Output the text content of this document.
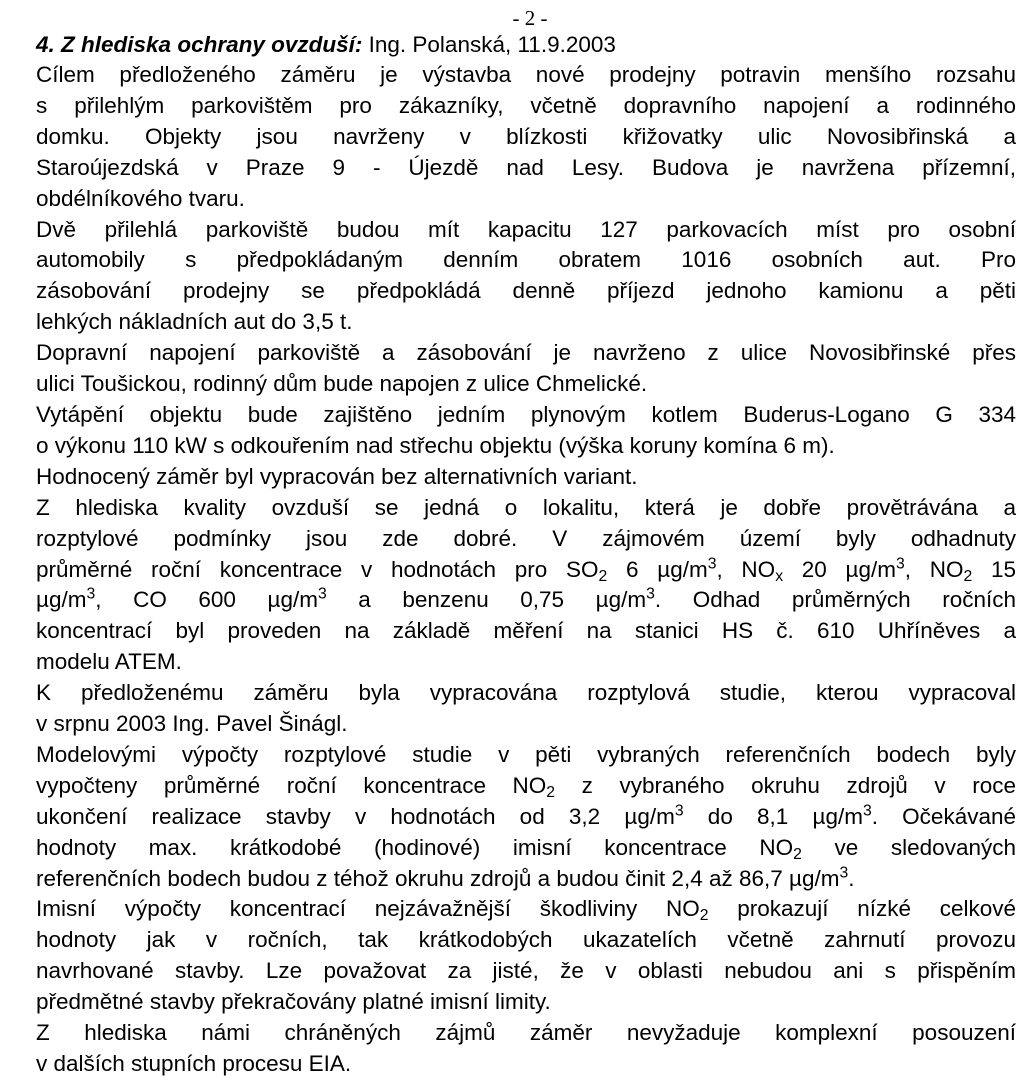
- 2 -

4. Z hlediska ochrany ovzduší: Ing. Polanská, 11.9.2003

Cílem předloženého záměru je výstavba nové prodejny potravin menšího rozsahu
s přilehlým parkovištěm pro zákazníky, včetně dopravního napojení a rodinného
domku. Objekty jsou navrženy v blízkosti křižovatky ulic Novosibřinská a
Staroújezdská v Praze 9 - Újezdě nad Lesy. Budova je navržena přízemní,
obdélníkového tvaru.

Dvě přilehlá parkoviště budou mít kapacitu 127 parkovacích míst pro osobní
automobily s předpokládaným denním obratem 1016 osobních aut. Pro
zásobování prodejny se předpokládá denně příjezd jednoho kamionu a pěti
lehkých nákladních aut do 3,5 t.

Dopravní napojení parkoviště a zásobování je navrženo z ulice Novosibřinské přes
ulici Toušickou, rodinný dům bude napojen z ulice Chmelické.

Vytápění objektu bude zajištěno jedním plynovým kotlem Buderus-Logano G 334
o výkonu 110 kW s odkouřením nad střechu objektu (výška koruny komína 6 m).

Hodnocený záměr byl vypracován bez alternativních variant.

Z hlediska kvality ovzduší se jedná o lokalitu, která je dobře provětrávána a
rozptylové podmínky jsou zde dobré. V zájmovém území byly odhadnuty
průměrné roční koncentrace v hodnotách pro $SO_2$ 6 $\mu g/m^3$, $NO_x$ 20 $\mu g/m^3$, $NO_2$ 15
$\mu g/m^3$, CO 600 $\mu g/m^3$ a benzenu 0,75 $\mu g/m^3$. Odhad průměrných ročních
koncentrací byl proveden na základě měření na stanici HS č. 610 Uhříněves a
modelu ATEM.

K předloženému záměru byla vypracována rozptylová studie, kterou vypracoval
v srpnu 2003 Ing. Pavel Šinágl.

Modelovými výpočty rozptylové studie v pěti vybraných referenčních bodech byly
vypočteny průměrné roční koncentrace $NO_2$ z vybraného okruhu zdrojů v roce
ukončení realizace stavby v hodnotách od 3,2 $\mu g/m^3$ do 8,1 $\mu g/m^3$. Očekávané
hodnoty max. krátkodobé (hodinové) imisní koncentrace $NO_2$ ve sledovaných
referenčních bodech budou z téhož okruhu zdrojů a budou činit 2,4 až 86,7 $\mu g/m^3$.

Imisní výpočty koncentrací nejzávažnější škodliviny $NO_2$ prokazují nízké celkové
hodnoty jak v ročních, tak krátkodobých ukazatelích včetně zahrnutí provozu
navrhované stavby. Lze považovat za jisté, že v oblasti nebudou ani s přispěním
předmětné stavby překračovány platné imisní limity.

Z hlediska námi chráněných zájmů záměr nevyžaduje komplexní posouzení
v dalších stupních procesu EIA.
